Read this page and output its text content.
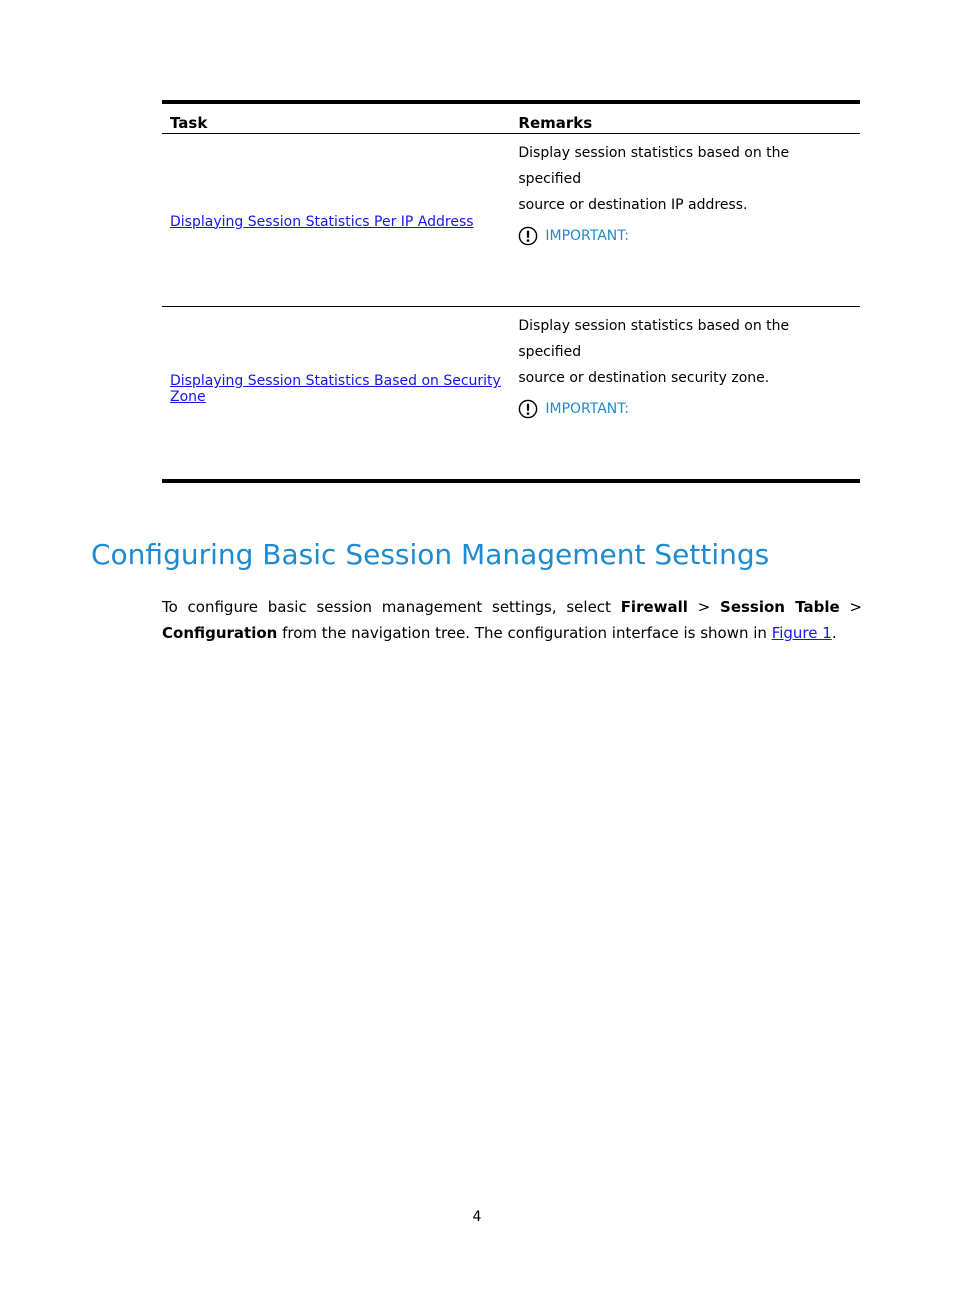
Task	Remarks
Displaying Session Statistics Per IP Address	Display session statistics based on the specified
source or destination IP address.
IMPORTANT:

Displaying Session Statistics Based on Security Zone	Display session statistics based on the specified
source or destination security zone.
IMPORTANT:
Configuring Basic Session Management Settings

To configure basic session management settings, select Firewall > Session Table > Configuration from the navigation tree. The configuration interface is shown in Figure 1.

4
